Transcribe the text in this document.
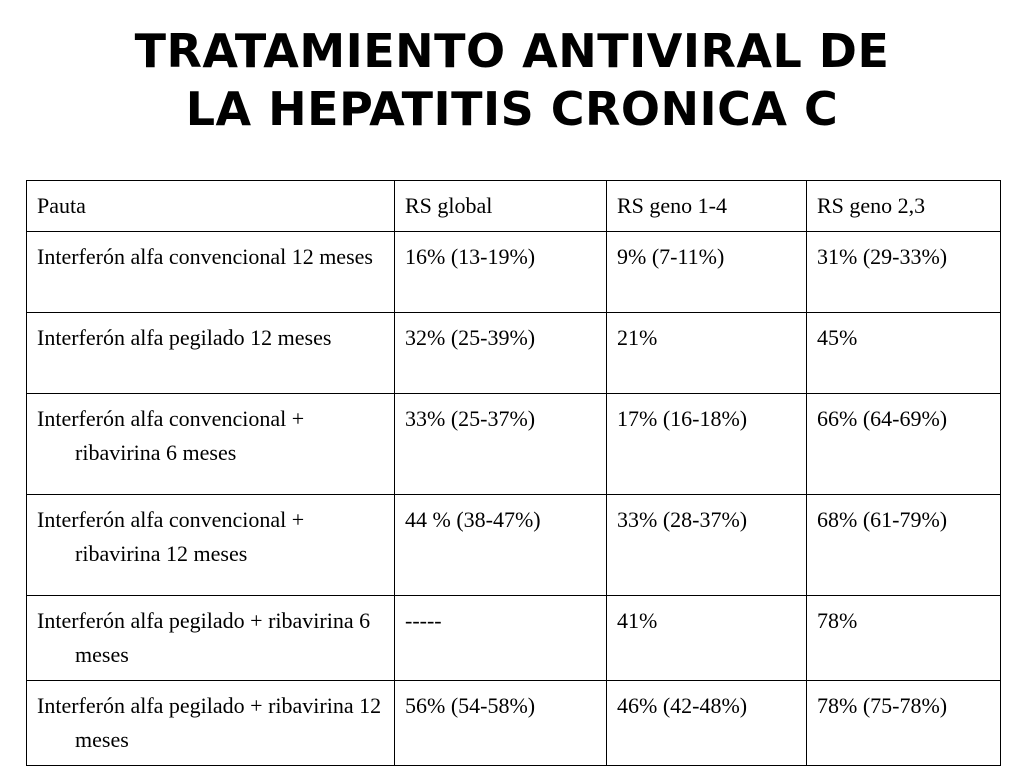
TRATAMIENTO ANTIVIRAL DE
LA HEPATITIS CRONICA C
Pauta	RS global	RS geno 1-4	RS geno 2,3

Interferón alfa convencional 12 meses	16% (13-19%)	9% (7-11%)	31% (29-33%)

Interferón alfa pegilado 12 meses	32% (25-39%)	21%	45%

Interferón alfa convencional + ribavirina 6 meses	33% (25-37%)	17% (16-18%)	66% (64-69%)

Interferón alfa convencional + ribavirina 12 meses	44 % (38-47%)	33% (28-37%)	68% (61-79%)

Interferón alfa pegilado + ribavirina 6 meses	-----	41%	78%

Interferón alfa pegilado + ribavirina 12 meses	56% (54-58%)	46% (42-48%)	78% (75-78%)
